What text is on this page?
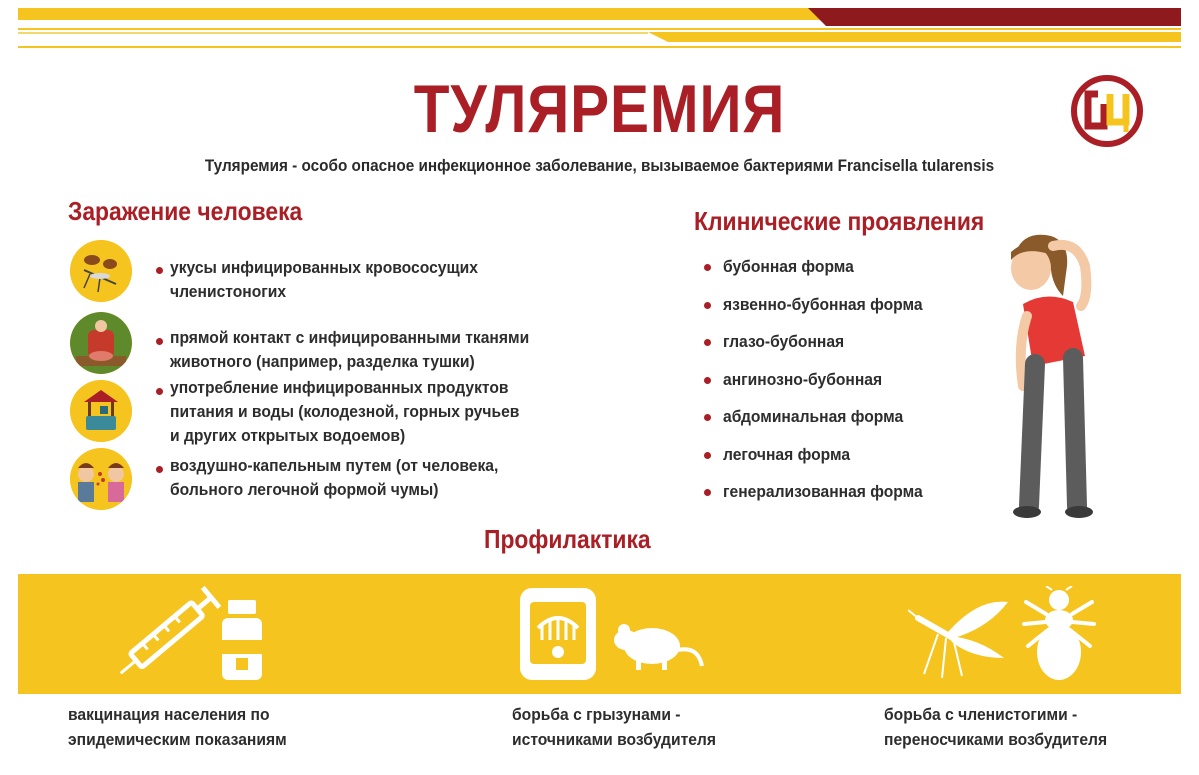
ТУЛЯРЕМИЯ
Туляремия - особо опасное инфекционное заболевание, вызываемое бактериями Francisella tularensis
Заражение человека
укусы инфицированных кровососущих
членистоногих
прямой контакт с инфицированными тканями
животного (например, разделка тушки)
употребление инфицированных продуктов
питания и воды (колодезной, горных ручьев
и других открытых водоемов)
воздушно-капельным путем (от человека,
больного легочной формой чумы)
Клинические проявления
бубонная форма
язвенно-бубонная форма
глазо-бубонная
ангинозно-бубонная
абдоминальная форма
легочная форма
генерализованная форма
Профилактика
вакцинация населения по
эпидемическим показаниям
борьба с грызунами -
источниками возбудителя
борьба с членистогими -
переносчиками возбудителя
